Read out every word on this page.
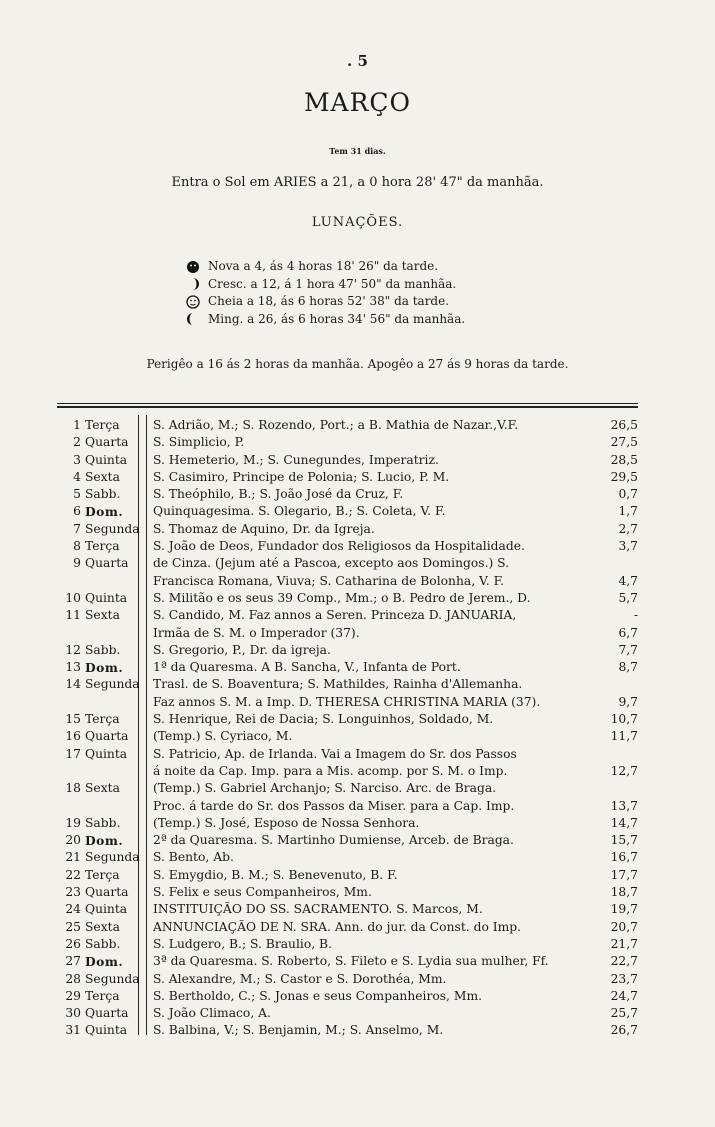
. 5
MARÇO
Tem 31 dias.
Entra o Sol em ARIES a 21, a 0 hora 28' 47" da manhãa.
LUNAÇÕES.
Nova a 4, ás 4 horas 18' 26" da tarde.
Cresc. a 12, á 1 hora 47' 50" da manhãa.
Cheia a 18, ás 6 horas 52' 38" da tarde.
Ming. a 26, ás 6 horas 34' 56" da manhãa.
Perigêo a 16 ás 2 horas da manhãa. Apogêo a 27 ás 9 horas da tarde.
1 Terça	S. Adrião, M.; S. Rozendo, Port.; a B. Mathia de Nazar.,V.F.	26,5
2 Quarta	S. Simplicio, P.	27,5
3 Quinta	S. Hemeterio, M.; S. Cunegundes, Imperatriz.	28,5
4 Sexta	S. Casimiro, Principe de Polonia; S. Lucio, P. M.	29,5
5 Sabb.	S. Theóphilo, B.; S. João José da Cruz, F.	0,7
6 Dom.	Quinquagesima. S. Olegario, B.; S. Coleta, V. F.	1,7
7 Segunda	S. Thomaz de Aquino, Dr. da Igreja.	2,7
8 Terça	S. João de Deos, Fundador dos Religiosos da Hospitalidade.	3,7
9 Quarta	de Cinza. (Jejum até a Pascoa, excepto aos Domingos.) S.
Francisca Romana, Viuva; S. Catharina de Bolonha, V. F.	4,7
10 Quinta	S. Militão e os seus 39 Comp., Mm.; o B. Pedro de Jerem., D.	5,7
11 Sexta	S. Candido, M. Faz annos a Seren. Princeza D. JANUARIA,	-
Irmãa de S. M. o Imperador (37).	6,7
12 Sabb.	S. Gregorio, P., Dr. da igreja.	7,7
13 Dom.	1ª da Quaresma. A B. Sancha, V., Infanta de Port.	8,7
14 Segunda	Trasl. de S. Boaventura; S. Mathildes, Rainha d'Allemanha.
Faz annos S. M. a Imp. D. THERESA CHRISTINA MARIA (37).	9,7
15 Terça	S. Henrique, Rei de Dacia; S. Longuinhos, Soldado, M.	10,7
16 Quarta	(Temp.) S. Cyriaco, M.	11,7
17 Quinta	S. Patricio, Ap. de Irlanda. Vai a Imagem do Sr. dos Passos
á noite da Cap. Imp. para a Mis. acomp. por S. M. o Imp.	12,7
18 Sexta	(Temp.) S. Gabriel Archanjo; S. Narciso. Arc. de Braga.
Proc. á tarde do Sr. dos Passos da Miser. para a Cap. Imp.	13,7
19 Sabb.	(Temp.) S. José, Esposo de Nossa Senhora.	14,7
20 Dom.	2ª da Quaresma. S. Martinho Dumiense, Arceb. de Braga.	15,7
21 Segunda	S. Bento, Ab.	16,7
22 Terça	S. Emygdio, B. M.; S. Benevenuto, B. F.	17,7
23 Quarta	S. Felix e seus Companheiros, Mm.	18,7
24 Quinta	INSTITUIÇÃO DO SS. SACRAMENTO. S. Marcos, M.	19,7
25 Sexta	ANNUNCIAÇÃO DE N. SRA. Ann. do jur. da Const. do Imp.	20,7
26 Sabb.	S. Ludgero, B.; S. Braulio, B.	21,7
27 Dom.	3ª da Quaresma. S. Roberto, S. Fileto e S. Lydia sua mulher, Ff.	22,7
28 Segunda	S. Alexandre, M.; S. Castor e S. Dorothéa, Mm.	23,7
29 Terça	S. Bertholdo, C.; S. Jonas e seus Companheiros, Mm.	24,7
30 Quarta	S. João Climaco, A.	25,7
31 Quinta	S. Balbina, V.; S. Benjamin, M.; S. Anselmo, M.	26,7
